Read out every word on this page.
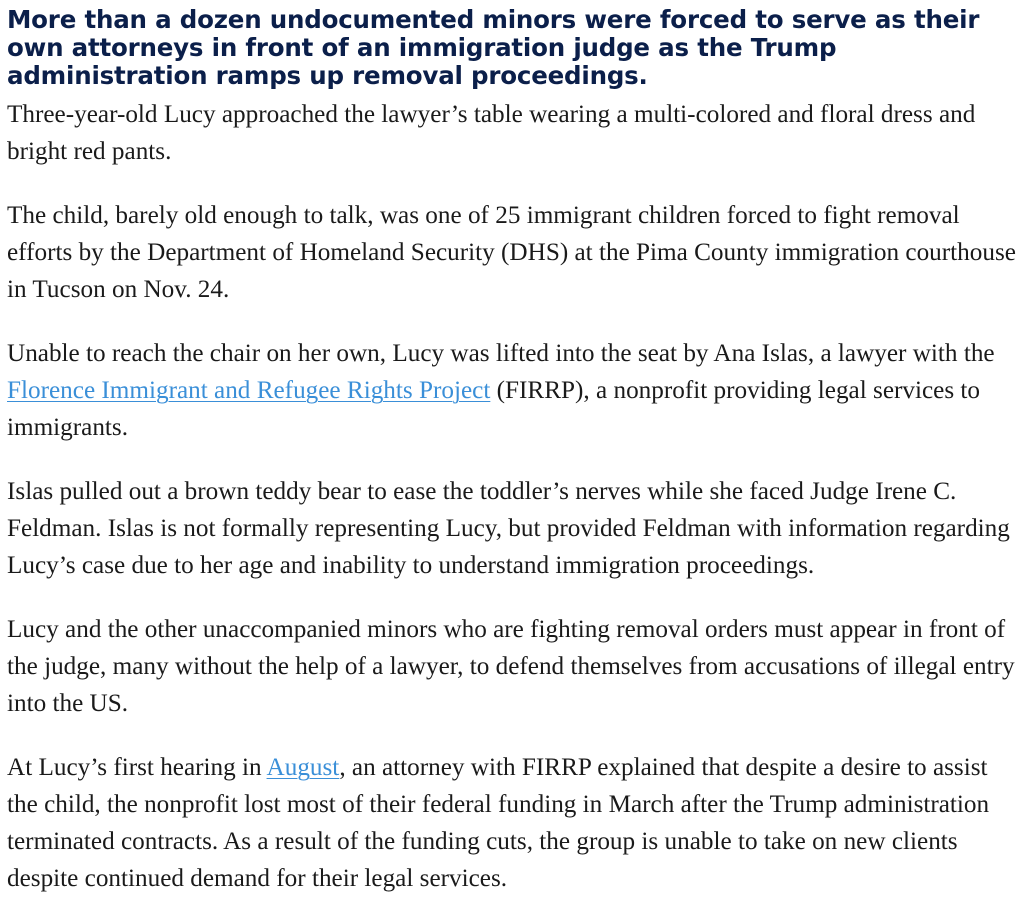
More than a dozen undocumented minors were forced to serve as their own attorneys in front of an immigration judge as the Trump administration ramps up removal proceedings.

Three-year-old Lucy approached the lawyer’s table wearing a multi-colored and floral dress and bright red pants.

The child, barely old enough to talk, was one of 25 immigrant children forced to fight removal efforts by the Department of Homeland Security (DHS) at the Pima County immigration courthouse in Tucson on Nov. 24.

Unable to reach the chair on her own, Lucy was lifted into the seat by Ana Islas, a lawyer with the Florence Immigrant and Refugee Rights Project (FIRRP), a nonprofit providing legal services to immigrants.

Islas pulled out a brown teddy bear to ease the toddler’s nerves while she faced Judge Irene C. Feldman. Islas is not formally representing Lucy, but provided Feldman with information regarding Lucy’s case due to her age and inability to understand immigration proceedings.

Lucy and the other unaccompanied minors who are fighting removal orders must appear in front of the judge, many without the help of a lawyer, to defend themselves from accusations of illegal entry into the US.

At Lucy’s first hearing in August, an attorney with FIRRP explained that despite a desire to assist the child, the nonprofit lost most of their federal funding in March after the Trump administration terminated contracts. As a result of the funding cuts, the group is unable to take on new clients despite continued demand for their legal services.
